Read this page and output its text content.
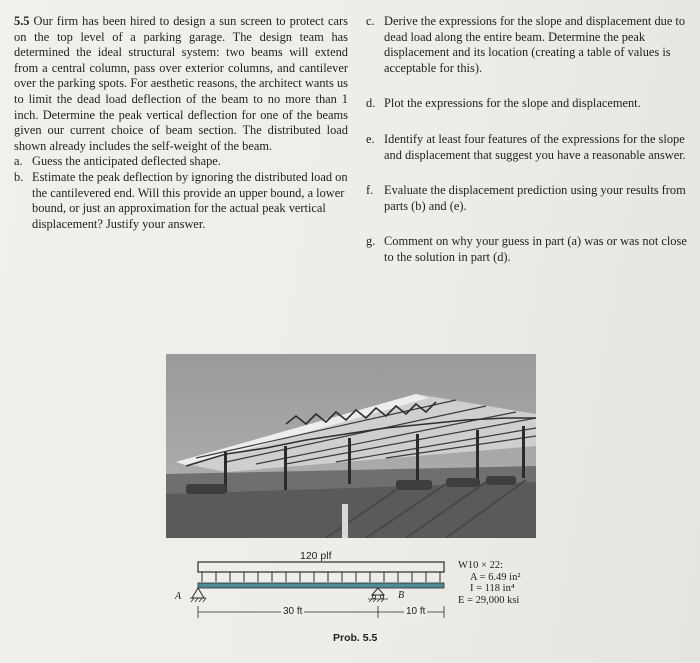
5.5 Our firm has been hired to design a sun screen to protect cars on the top level of a parking garage. The design team has determined the ideal structural system: two beams will extend from a central column, pass over exterior columns, and cantilever over the parking spots. For aesthetic reasons, the architect wants us to limit the dead load deflection of the beam to no more than 1 inch. Determine the peak vertical deflection for one of the beams given our current choice of beam section. The distributed load shown already includes the self-weight of the beam.

a. Guess the anticipated deflected shape.
b. Estimate the peak deflection by ignoring the distributed load on the cantilevered end. Will this provide an upper bound, a lower bound, or just an approximation for the actual peak vertical displacement? Justify your answer.
c. Derive the expressions for the slope and displacement due to dead load along the entire beam. Determine the peak displacement and its location (creating a table of values is acceptable for this).
d. Plot the expressions for the slope and displacement.
e. Identify at least four features of the expressions for the slope and displacement that suggest you have a reasonable answer.
f. Evaluate the displacement prediction using your results from parts (b) and (e).
g. Comment on why your guess in part (a) was or was not close to the solution in part (d).
120 plf
A	B
30 ft	10 ft
W10 × 22:
A = 6.49 in²
I = 118 in⁴
E = 29,000 ksi
Prob. 5.5
